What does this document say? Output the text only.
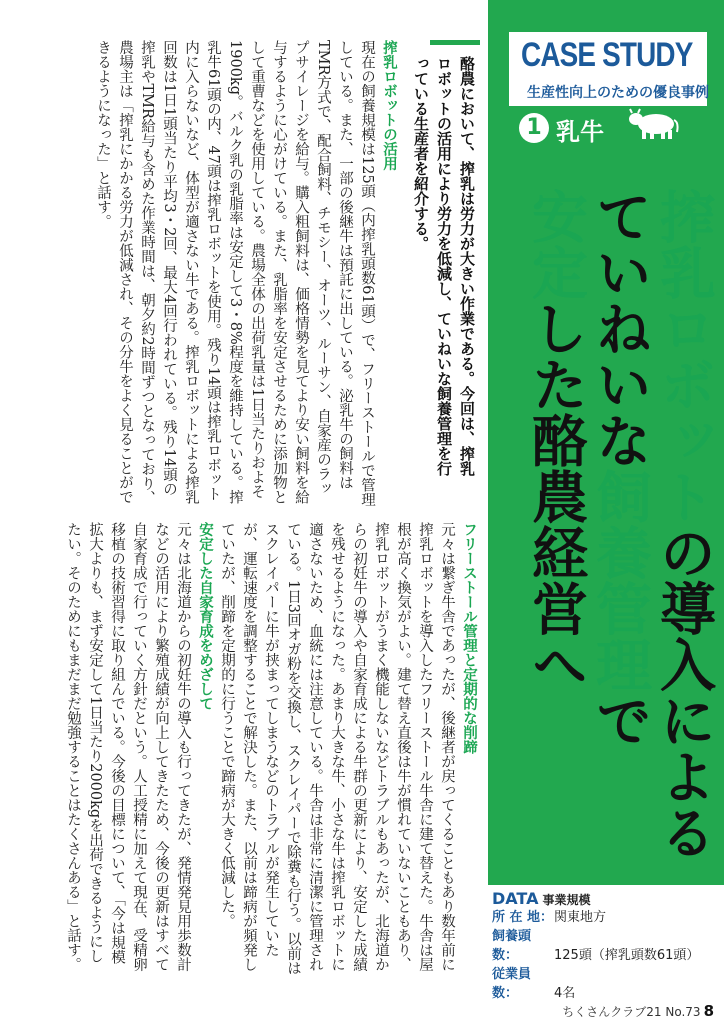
CASE STUDY
生産性向上のための優良事例
1 乳牛
搾乳ロボットの導入による
ていねいな飼養管理で
安定した酪農経営へ
酪農において、搾乳は労力が大きい作業である。今回は、搾乳ロボットの活用により労力を低減し、ていねいな飼養管理を行っている生産者を紹介する。
搾乳ロボットの活用

現在の飼養規模は125頭（内搾乳頭数61頭）で、フリーストールで管理している。また、一部の後継牛は預託に出している。泌乳牛の飼料はTMR方式で、配合飼料、チモシー、オーツ、ルーサン、自家産のラップサイレージを給与。購入粗飼料は、価格情勢を見てより安い飼料を給与するように心がけている。また、乳脂率を安定させるために添加物として重曹などを使用している。農場全体の出荷乳量は1日当たりおよそ1900kg。バルク乳の乳脂率は安定して3・8%程度を維持している。搾乳牛61頭の内、47頭は搾乳ロボットを使用。残り14頭は搾乳ロボット内に入らないなど、体型が適さない牛である。搾乳ロボットによる搾乳回数は1日1頭当たり平均3・2回、最大4回行われている。残り14頭の搾乳やTMR給与も含めた作業時間は、朝夕約2時間ずつとなっており、農場主は「搾乳にかかる労力が低減され、その分牛をよく見ることができるようになった」と話す。

フリーストール管理と定期的な削蹄

元々は繋ぎ牛舎であったが、後継者が戻ってくることもあり数年前に搾乳ロボットを導入したフリーストール牛舎に建て替えた。牛舎は屋根が高く換気がよい。建て替え直後は牛が慣れていないこともあり、搾乳ロボットがうまく機能しないなどトラブルもあったが、北海道からの初妊牛の導入や自家育成による牛群の更新により、安定した成績を残せるようになった。あまり大きな牛、小さな牛は搾乳ロボットに適さないため、血統には注意している。牛舎は非常に清潔に管理されている。1日3回オガ粉を交換し、スクレイパーで除糞も行う。以前はスクレイパーに牛が挟まってしまうなどのトラブルが発生していたが、運転速度を調整することで解決した。また、以前は蹄病が頻発していたが、削蹄を定期的に行うことで蹄病が大きく低減した。

安定した自家育成をめざして

元々は北海道からの初妊牛の導入も行ってきたが、発情発見用歩数計などの活用により繁殖成績が向上してきたため、今後の更新はすべて自家育成で行っていく方針だという。人工授精に加えて現在、受精卵移植の技術習得に取り組んでいる。今後の目標について、「今は規模拡大よりも、まず安定して1日当たり2000kgを出荷できるようにしたい。そのためにもまだまだ勉強することはたくさんある」と話す。	DATA 事業規模
所 在 地：関東地方
飼養頭数：	125頭（搾乳頭数61頭）
従業員数：	4名
ちくさんクラブ21 No.73 8
